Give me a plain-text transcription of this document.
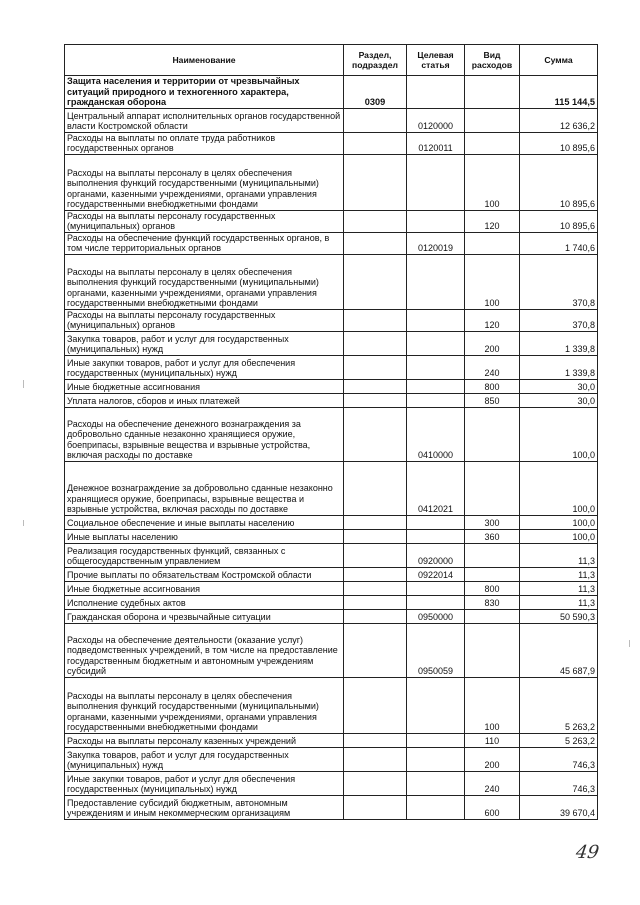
Наименование	Раздел, подраздел	Целевая статья	Вид расходов	Сумма
Защита населения и территории от чрезвычайных ситуаций природного и техногенного характера, гражданская оборона	0309			115 144,5
Центральный аппарат исполнительных органов государственной власти Костромской области		0120000		12 636,2
Расходы на выплаты по оплате труда работников государственных органов		0120011		10 895,6
Расходы на выплаты персоналу в целях обеспечения выполнения функций государственными (муниципальными) органами, казенными учреждениями, органами управления государственными внебюджетными фондами			100	10 895,6
Расходы на выплаты персоналу государственных (муниципальных) органов			120	10 895,6
Расходы на обеспечение функций государственных органов, в том числе территориальных органов		0120019		1 740,6
Расходы на выплаты персоналу в целях обеспечения выполнения функций государственными (муниципальными) органами, казенными учреждениями, органами управления государственными внебюджетными фондами			100	370,8
Расходы на выплаты персоналу государственных (муниципальных) органов			120	370,8
Закупка товаров, работ и услуг для государственных (муниципальных) нужд			200	1 339,8
Иные закупки товаров, работ и услуг для обеспечения государственных (муниципальных) нужд			240	1 339,8
Иные бюджетные ассигнования			800	30,0
Уплата налогов, сборов и иных платежей			850	30,0
Расходы на обеспечение денежного вознаграждения за добровольно сданные незаконно хранящиеся оружие, боеприпасы, взрывные вещества и взрывные устройства, включая расходы по доставке		0410000		100,0
Денежное вознаграждение за добровольно сданные незаконно хранящиеся оружие, боеприпасы, взрывные вещества и взрывные устройства, включая расходы по доставке		0412021		100,0
Социальное обеспечение и иные выплаты населению			300	100,0
Иные выплаты населению			360	100,0
Реализация государственных функций, связанных с общегосударственным управлением		0920000		11,3
Прочие выплаты по обязательствам Костромской области		0922014		11,3
Иные бюджетные ассигнования			800	11,3
Исполнение судебных актов			830	11,3
Гражданская оборона и чрезвычайные ситуации		0950000		50 590,3
Расходы на обеспечение деятельности (оказание услуг) подведомственных учреждений, в том числе на предоставление государственным бюджетным и автономным учреждениям субсидий		0950059		45 687,9
Расходы на выплаты персоналу в целях обеспечения выполнения функций государственными (муниципальными) органами, казенными учреждениями, органами управления государственными внебюджетными фондами			100	5 263,2
Расходы на выплаты персоналу казенных учреждений			110	5 263,2
Закупка товаров, работ и услуг для государственных (муниципальных) нужд			200	746,3
Иные закупки товаров, работ и услуг для обеспечения государственных (муниципальных) нужд			240	746,3
Предоставление субсидий бюджетным, автономным учреждениям и иным некоммерческим организациям			600	39 670,4
49
